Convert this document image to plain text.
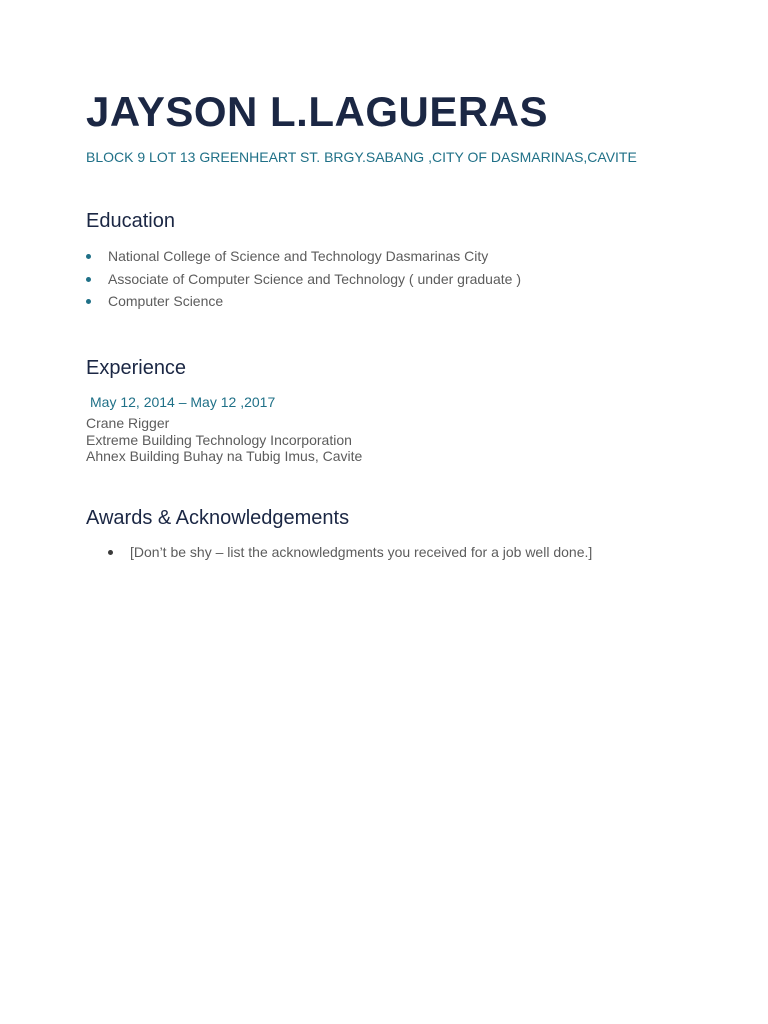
JAYSON L.LAGUERAS

BLOCK 9 LOT 13 GREENHEART ST. BRGY.SABANG ,CITY OF DASMARINAS,CAVITE

Education
National College of Science and Technology Dasmarinas City
Associate of Computer Science and Technology ( under graduate )
Computer Science
Experience

May 12, 2014 – May 12 ,2017

Crane Rigger
Extreme Building Technology Incorporation
Ahnex Building Buhay na Tubig Imus, Cavite
Awards & Acknowledgements
[Don’t be shy – list the acknowledgments you received for a job well done.]
